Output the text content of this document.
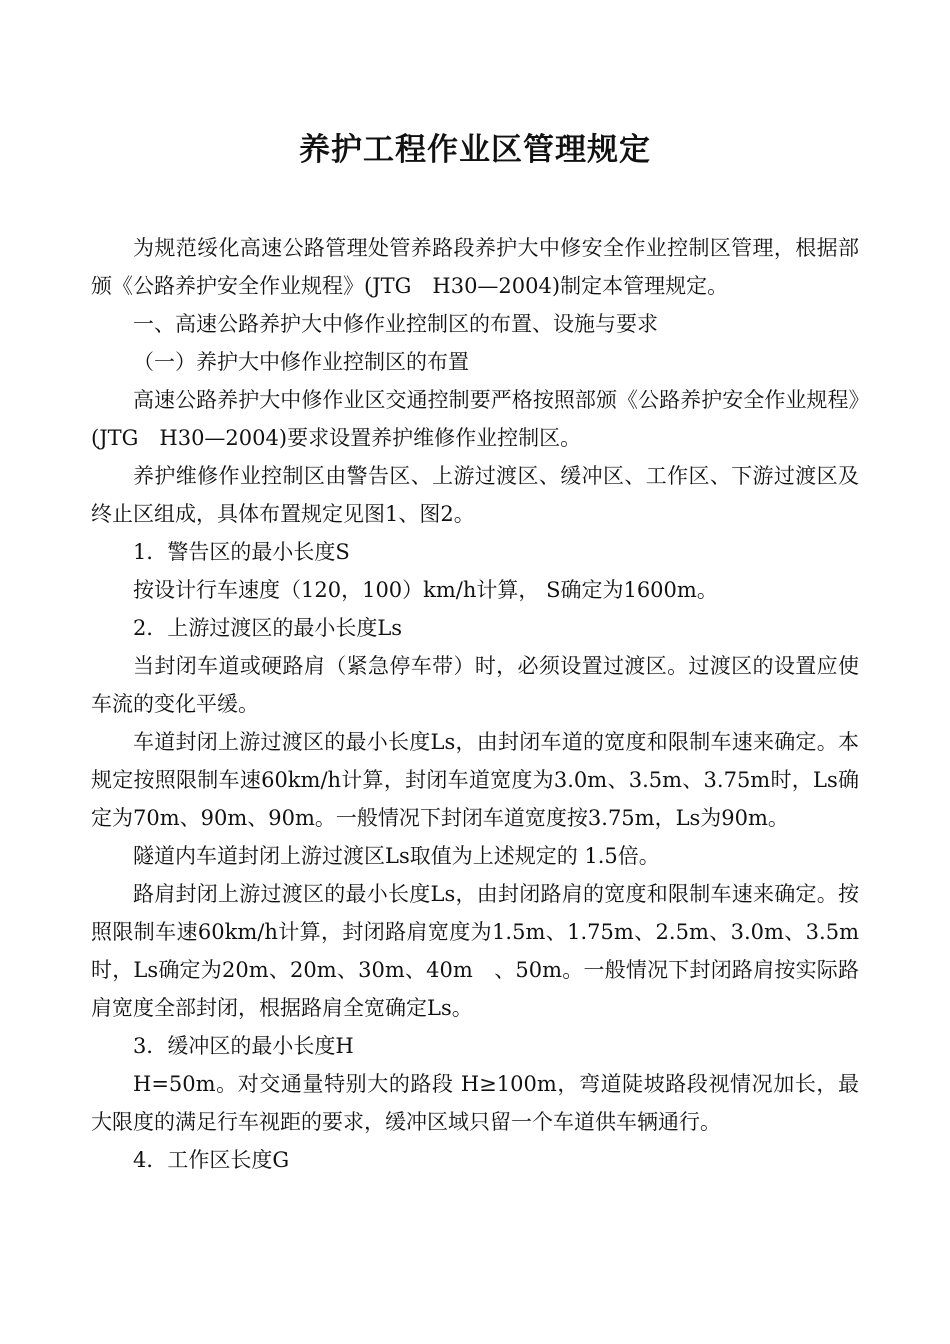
养护工程作业区管理规定

为规范绥化高速公路管理处管养路段养护大中修安全作业控制区管理，根据部颁《公路养护安全作业规程》(JTG　H30—2004)制定本管理规定。

一、高速公路养护大中修作业控制区的布置、设施与要求

（一）养护大中修作业控制区的布置

高速公路养护大中修作业区交通控制要严格按照部颁《公路养护安全作业规程》(JTG　H30—2004)要求设置养护维修作业控制区。

养护维修作业控制区由警告区、上游过渡区、缓冲区、工作区、下游过渡区及终止区组成，具体布置规定见图1、图2。

1．警告区的最小长度S

按设计行车速度（120，100）km/h计算， S确定为1600m。

2．上游过渡区的最小长度Ls

当封闭车道或硬路肩（紧急停车带）时，必须设置过渡区。过渡区的设置应使车流的变化平缓。

车道封闭上游过渡区的最小长度Ls，由封闭车道的宽度和限制车速来确定。本规定按照限制车速60km/h计算，封闭车道宽度为3.0m、3.5m、3.75m时，Ls确定为70m、90m、90m。一般情况下封闭车道宽度按3.75m，Ls为90m。

隧道内车道封闭上游过渡区Ls取值为上述规定的 1.5倍。

路肩封闭上游过渡区的最小长度Ls，由封闭路肩的宽度和限制车速来确定。按照限制车速60km/h计算，封闭路肩宽度为1.5m、1.75m、2.5m、3.0m、3.5m时，Ls确定为20m、20m、30m、40m　、50m。一般情况下封闭路肩按实际路肩宽度全部封闭，根据路肩全宽确定Ls。

3．缓冲区的最小长度H

H=50m。对交通量特别大的路段 H≥100m，弯道陡坡路段视情况加长，最大限度的满足行车视距的要求，缓冲区域只留一个车道供车辆通行。

4．工作区长度G
